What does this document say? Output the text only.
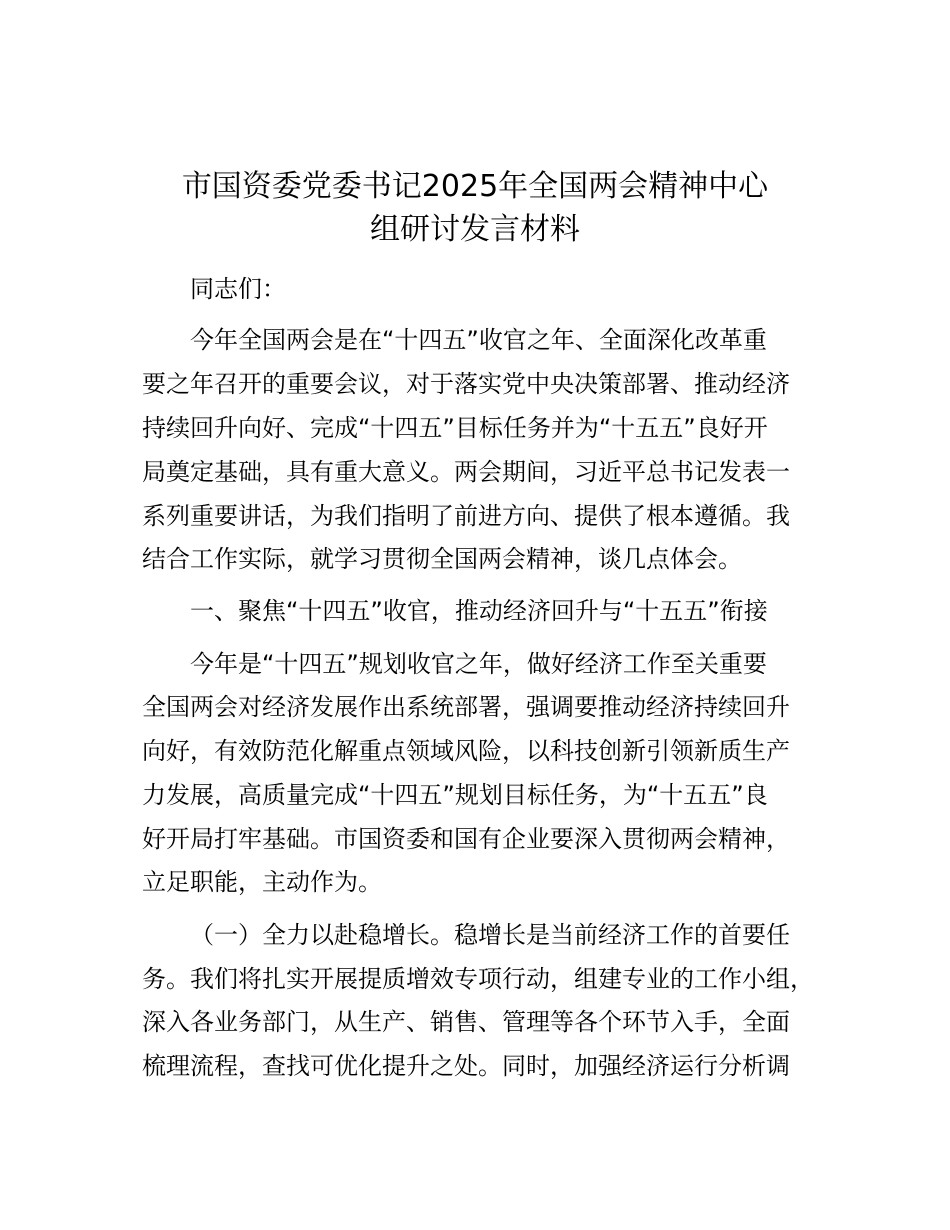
市国资委党委书记2025年全国两会精神中心
组研讨发言材料
同志们：
今年全国两会是在“十四五”收官之年、全面深化改革重
要之年召开的重要会议，对于落实党中央决策部署、推动经济
持续回升向好、完成“十四五”目标任务并为“十五五”良好开
局奠定基础，具有重大意义。两会期间，习近平总书记发表一
系列重要讲话，为我们指明了前进方向、提供了根本遵循。我
结合工作实际，就学习贯彻全国两会精神，谈几点体会。
一、聚焦“十四五”收官，推动经济回升与“十五五”衔接
今年是“十四五”规划收官之年，做好经济工作至关重要
全国两会对经济发展作出系统部署，强调要推动经济持续回升
向好，有效防范化解重点领域风险，以科技创新引领新质生产
力发展，高质量完成“十四五”规划目标任务，为“十五五”良
好开局打牢基础。市国资委和国有企业要深入贯彻两会精神，
立足职能，主动作为。
（一）全力以赴稳增长。稳增长是当前经济工作的首要任
务。我们将扎实开展提质增效专项行动，组建专业的工作小组，
深入各业务部门，从生产、销售、管理等各个环节入手，全面
梳理流程，查找可优化提升之处。同时，加强经济运行分析调
